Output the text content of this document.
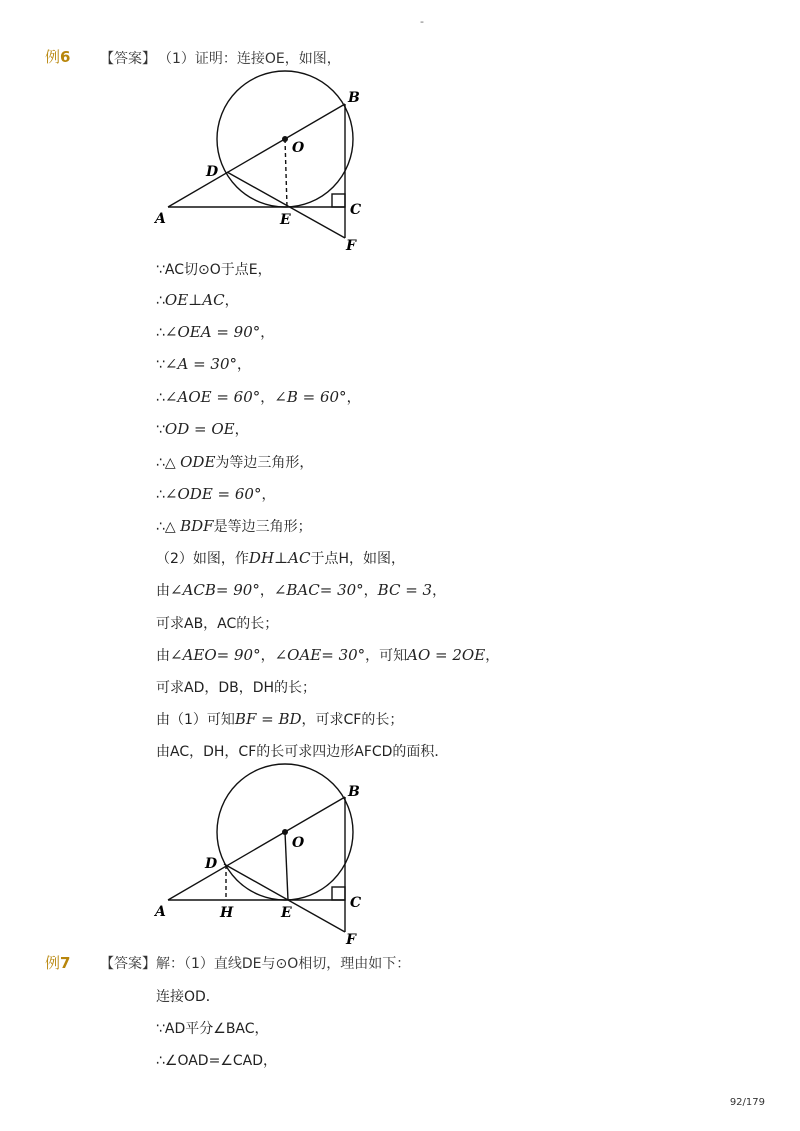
-
例6 【答案】 （1）证明：连接OE，如图，
B
O
D
A	E
C
F
∵AC切⊙O于点E，
∴OE⊥AC，
∴∠OEA = 90°，
∵∠A = 30°，
∴∠AOE = 60°，∠B = 60°，
∵OD = OE，
∴△ ODE为等边三角形，
∴∠ODE = 60°，
∴△ BDF是等边三角形；
（2）如图，作DH⊥AC于点H，如图，
由∠ACB= 90°，∠BAC= 30°，BC = 3，
可求AB，AC的长；
由∠AEO= 90°，∠OAE= 30°，可知AO = 2OE，
可求AD，DB，DH的长；
由（1）可知BF = BD，可求CF的长；
由AC，DH，CF的长可求四边形AFCD的面积．
B
O
D
A	H	E
C
F
例7 【答案】 解：（1）直线DE与⊙O相切，理由如下：
连接OD．
∵AD平分∠BAC，
∴∠OAD=∠CAD，
92/179
